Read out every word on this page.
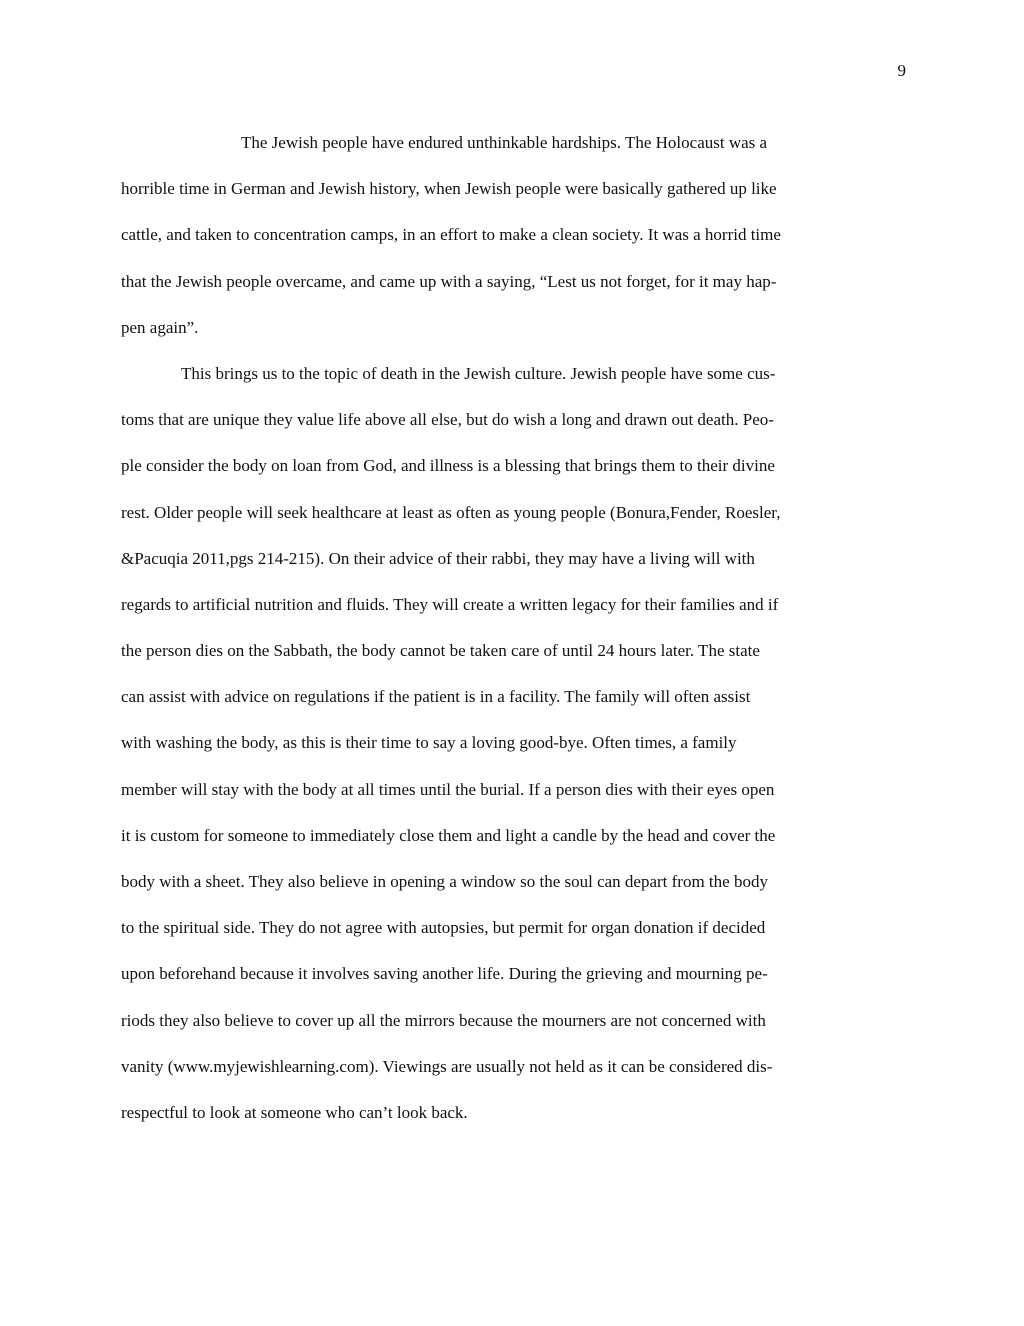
9
The Jewish people have endured unthinkable hardships. The Holocaust was a
horrible time in German and Jewish history, when Jewish people were basically gathered up like
cattle, and taken to concentration camps, in an effort to make a clean society. It was a horrid time
that the Jewish people overcame, and came up with a saying, “Lest us not forget, for it may hap-
pen again”.
This brings us to the topic of death in the Jewish culture. Jewish people have some cus-
toms that are unique they value life above all else, but do wish a long and drawn out death. Peo-
ple consider the body on loan from God, and illness is a blessing that brings them to their divine
rest. Older people will seek healthcare at least as often as young people (Bonura,Fender, Roesler,
&Pacuqia 2011,pgs 214-215). On their advice of their rabbi, they may have a living will with
regards to artificial nutrition and fluids. They will create a written legacy for their families and if
the person dies on the Sabbath, the body cannot be taken care of until 24 hours later. The state
can assist with advice on regulations if the patient is in a facility. The family will often assist
with washing the body, as this is their time to say a loving good-bye. Often times, a family
member will stay with the body at all times until the burial. If a person dies with their eyes open
it is custom for someone to immediately close them and light a candle by the head and cover the
body with a sheet. They also believe in opening a window so the soul can depart from the body
to the spiritual side. They do not agree with autopsies, but permit for organ donation if decided
upon beforehand because it involves saving another life. During the grieving and mourning pe-
riods they also believe to cover up all the mirrors because the mourners are not concerned with
vanity (www.myjewishlearning.com). Viewings are usually not held as it can be considered dis-
respectful to look at someone who can’t look back.
